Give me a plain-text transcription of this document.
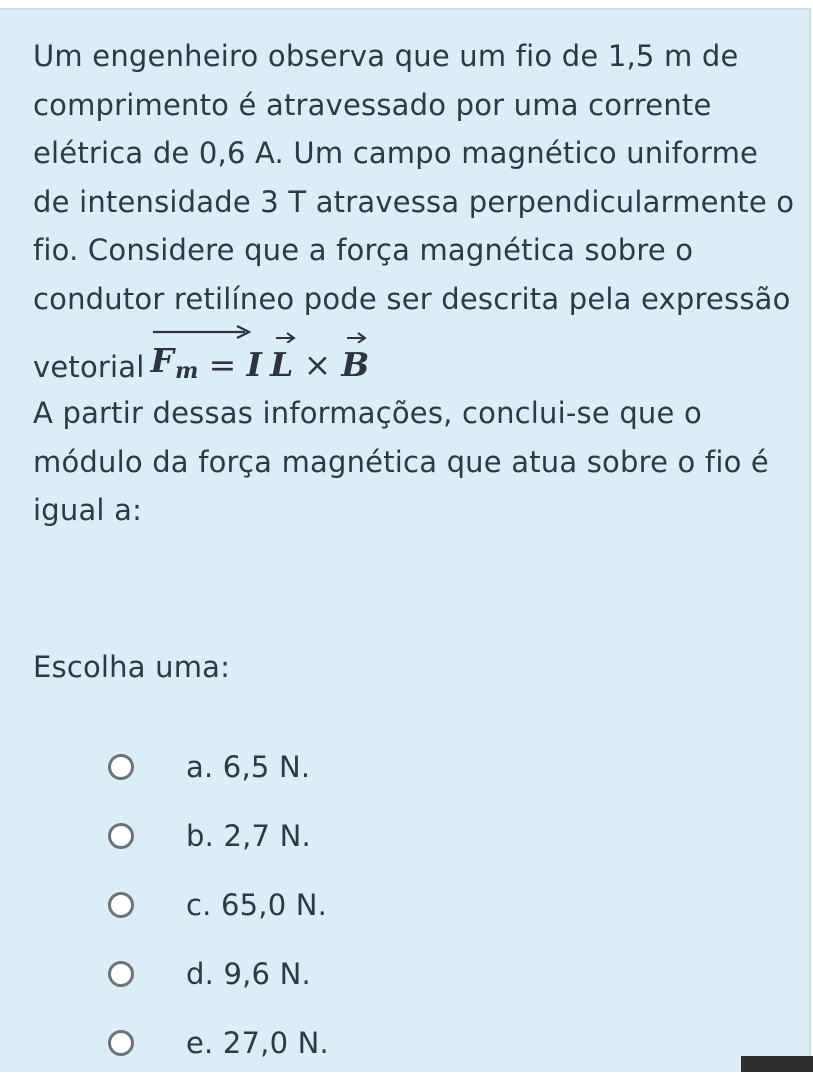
Um engenheiro observa que um fio de 1,5 m de comprimento é atravessado por uma corrente elétrica de 0,6 A. Um campo magnético uniforme de intensidade 3 T atravessa perpendicularmente o fio. Considere que a força magnética sobre o condutor retilíneo pode ser descrita pela expressão

vetorial Fm = I L × B

A partir dessas informações, conclui-se que o módulo da força magnética que atua sobre o fio é igual a:

Escolha uma:
a. 6,5 N.
b. 2,7 N.
c. 65,0 N.
d. 9,6 N.
e. 27,0 N.
